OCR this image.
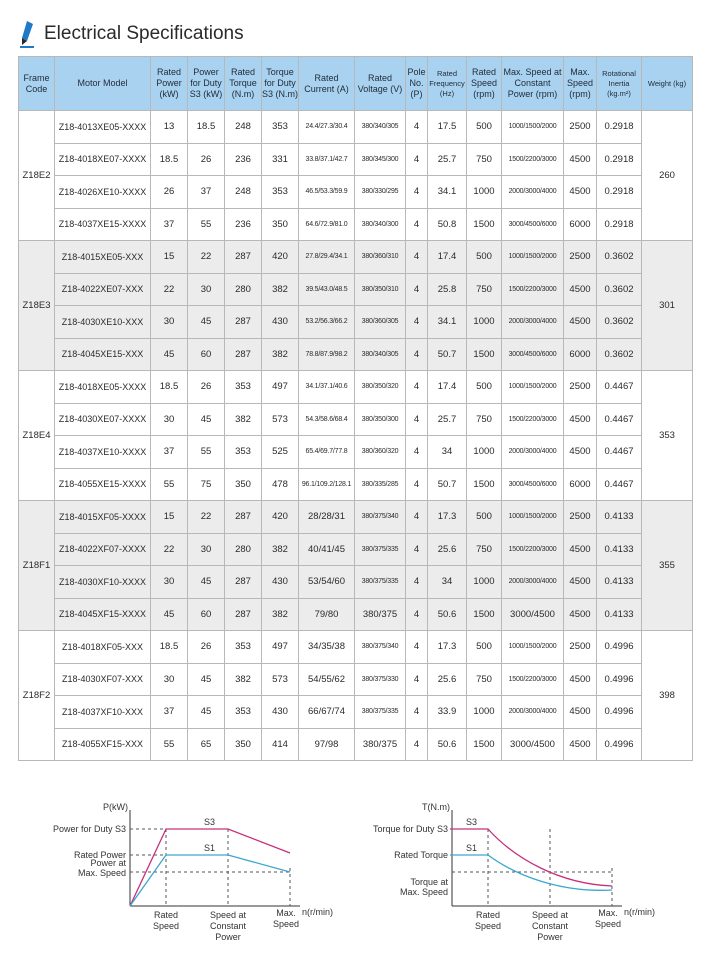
Electrical Specifications
Frame Code	Motor Model	Rated Power (kW)	Power for Duty S3 (kW)	Rated Torque (N.m)	Torque for Duty S3 (N.m)	Rated Current (A)	Rated Voltage (V)	Pole No. (P)	Rated Frequency (Hz)	Rated Speed (rpm)	Max. Speed at Constant Power (rpm)	Max. Speed (rpm)	Rotational Inertia (kg.m²)	Weight (kg)
Z18E2	Z18-4013XE05-XXXX	13	18.5	248	353	24.4/27.3/30.4	380/340/305	4	17.5	500	1000/1500/2000	2500	0.2918	260
	Z18-4018XE07-XXXX	18.5	26	236	331	33.8/37.1/42.7	380/345/300	4	25.7	750	1500/2200/3000	4500	0.2918	
	Z18-4026XE10-XXXX	26	37	248	353	46.5/53.3/59.9	380/330/295	4	34.1	1000	2000/3000/4000	4500	0.2918	
	Z18-4037XE15-XXXX	37	55	236	350	64.6/72.9/81.0	380/340/300	4	50.8	1500	3000/4500/6000	6000	0.2918	
Z18E3	Z18-4015XE05-XXX	15	22	287	420	27.8/29.4/34.1	380/360/310	4	17.4	500	1000/1500/2000	2500	0.3602	301
	Z18-4022XE07-XXX	22	30	280	382	39.5/43.0/48.5	380/350/310	4	25.8	750	1500/2200/3000	4500	0.3602	
	Z18-4030XE10-XXX	30	45	287	430	53.2/56.3/66.2	380/360/305	4	34.1	1000	2000/3000/4000	4500	0.3602	
	Z18-4045XE15-XXX	45	60	287	382	78.8/87.9/98.2	380/340/305	4	50.7	1500	3000/4500/6000	6000	0.3602	
Z18E4	Z18-4018XE05-XXXX	18.5	26	353	497	34.1/37.1/40.6	380/350/320	4	17.4	500	1000/1500/2000	2500	0.4467	353
	Z18-4030XE07-XXXX	30	45	382	573	54.3/58.6/68.4	380/350/300	4	25.7	750	1500/2200/3000	4500	0.4467	
	Z18-4037XE10-XXXX	37	55	353	525	65.4/69.7/77.8	380/360/320	4	34	1000	2000/3000/4000	4500	0.4467	
	Z18-4055XE15-XXXX	55	75	350	478	96.1/109.2/128.1	380/335/285	4	50.7	1500	3000/4500/6000	6000	0.4467	
Z18F1	Z18-4015XF05-XXXX	15	22	287	420	28/28/31	380/375/340	4	17.3	500	1000/1500/2000	2500	0.4133	355
	Z18-4022XF07-XXXX	22	30	280	382	40/41/45	380/375/335	4	25.6	750	1500/2200/3000	4500	0.4133	
	Z18-4030XF10-XXXX	30	45	287	430	53/54/60	380/375/335	4	34	1000	2000/3000/4000	4500	0.4133	
	Z18-4045XF15-XXXX	45	60	287	382	79/80	380/375	4	50.6	1500	3000/4500	4500	0.4133	
Z18F2	Z18-4018XF05-XXX	18.5	26	353	497	34/35/38	380/375/340	4	17.3	500	1000/1500/2000	2500	0.4996	398
	Z18-4030XF07-XXX	30	45	382	573	54/55/62	380/375/330	4	25.6	750	1500/2200/3000	4500	0.4996	
	Z18-4037XF10-XXX	37	45	353	430	66/67/74	380/375/335	4	33.9	1000	2000/3000/4000	4500	0.4996	
	Z18-4055XF15-XXX	55	65	350	414	97/98	380/375	4	50.6	1500	3000/4500	4500	0.4996	
P(kW)
n(r/min)
S3
S1
Power for Duty S3
Rated Power
Power at Max. Speed
Rated Speed
Speed at Constant Power
Max. Speed
T(N.m)
n(r/min)
S3
S1
Torque for Duty S3
Rated Torque
Torque at Max. Speed
Rated Speed
Speed at Constant Power
Max. Speed
